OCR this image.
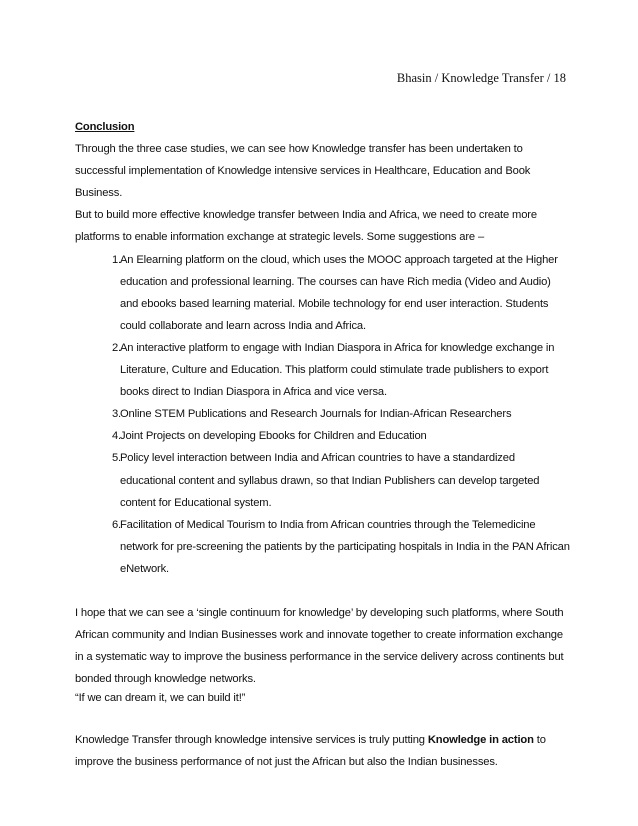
Bhasin / Knowledge Transfer / 18
Conclusion

Through the three case studies, we can see how Knowledge transfer has been undertaken to successful implementation of Knowledge intensive services in Healthcare, Education and Book Business.

But to build more effective knowledge transfer between India and Africa, we need to create more platforms to enable information exchange at strategic levels. Some suggestions are –

1. An Elearning platform on the cloud, which uses the MOOC approach targeted at the Higher education and professional learning. The courses can have Rich media (Video and Audio) and ebooks based learning material. Mobile technology for end user interaction. Students could collaborate and learn across India and Africa.
2. An interactive platform to engage with Indian Diaspora in Africa for knowledge exchange in Literature, Culture and Education. This platform could stimulate trade publishers to export books direct to Indian Diaspora in Africa and vice versa.
3. Online STEM Publications and Research Journals for Indian-African Researchers
4. Joint Projects on developing Ebooks for Children and Education
5. Policy level interaction between India and African countries to have a standardized educational content and syllabus drawn, so that Indian Publishers can develop targeted content for Educational system.
6. Facilitation of Medical Tourism to India from African countries through the Telemedicine network for pre-screening the patients by the participating hospitals in India in the PAN African eNetwork.

I hope that we can see a ‘single continuum for knowledge’ by developing such platforms, where South African community and Indian Businesses work and innovate together to create information exchange in a systematic way to improve the business performance in the service delivery across continents but bonded through knowledge networks.

“If we can dream it, we can build it!”

Knowledge Transfer through knowledge intensive services is truly putting Knowledge in action to improve the business performance of not just the African but also the Indian businesses.
